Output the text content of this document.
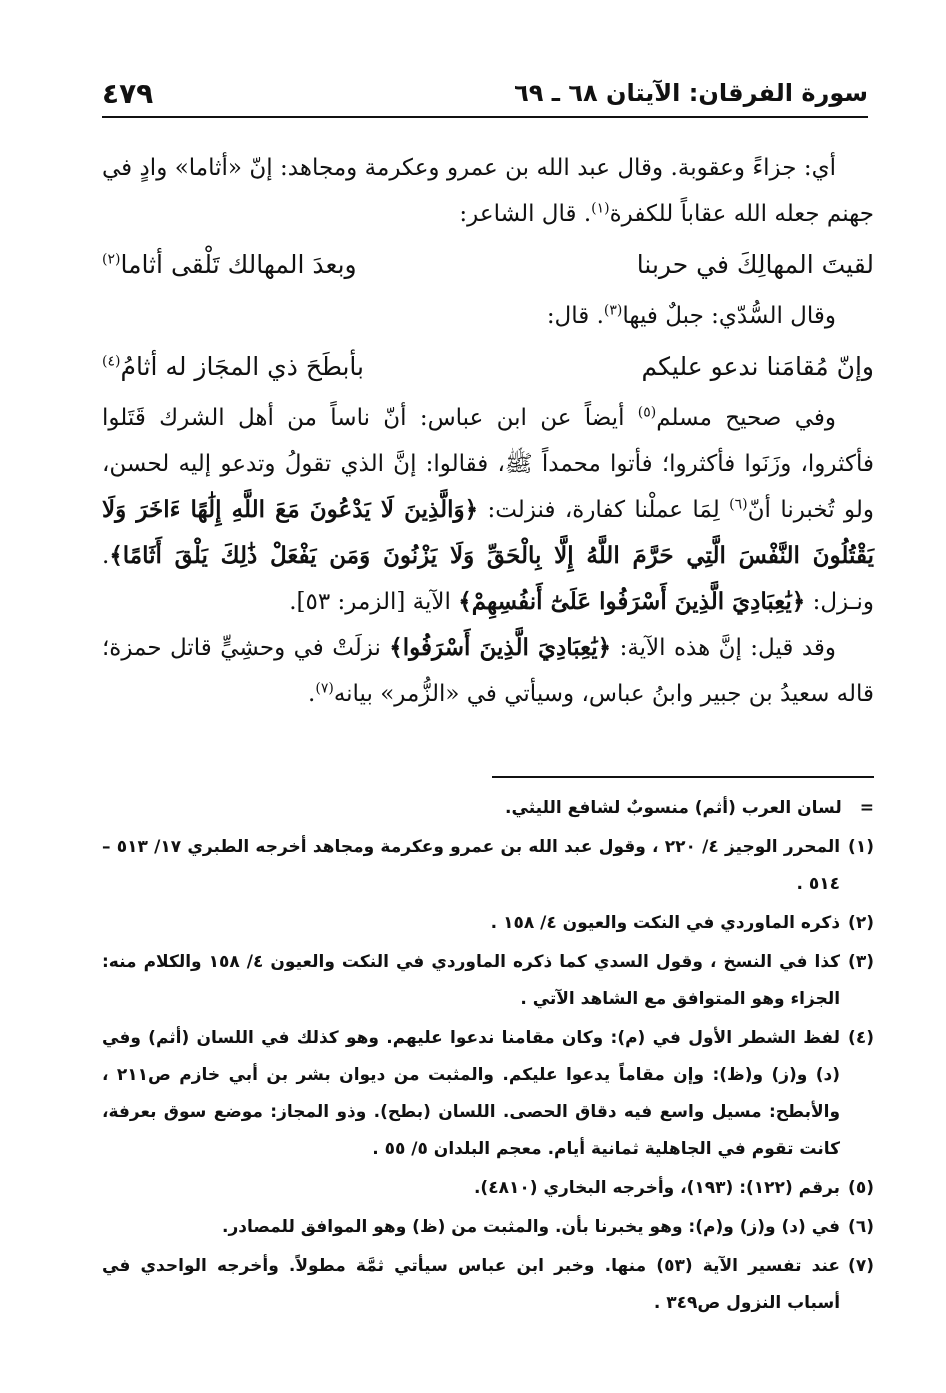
سورة الفرقان: الآيتان ٦٨ ـ ٦٩
٤٧٩

أي: جزاءً وعقوبة. وقال عبد الله بن عمرو وعكرمة ومجاهد: إنّ «أثاما» وادٍ في جهنم جعله الله عقاباً للكفرة$^{(١)}$. قال الشاعر:

لقيتَ المهالِكَ في حربنا
وبعدَ المهالك تَلْقى أثاما$^{(٢)}$

وقال السُّدّي: جبلٌ فيها$^{(٣)}$. قال:

وإنّ مُقامَنا ندعو عليكم
بأبطَحَ ذي المجَاز له أثامُ$^{(٤)}$

وفي صحيح مسلم$^{(٥)}$ أيضاً عن ابن عباس: أنّ ناساً من أهل الشرك قَتَلوا فأكثروا، وزَنَوا فأكثروا؛ فأتوا محمداً ﷺ، فقالوا: إنَّ الذي تقولُ وتدعو إليه لحسن، ولو تُخبرنا أنّ$^{(٦)}$ لِمَا عملْنا كفارة، فنزلت: ﴿وَالَّذِينَ لَا يَدْعُونَ مَعَ اللَّهِ إِلَٰهًا ءَاخَرَ وَلَا يَقْتُلُونَ النَّفْسَ الَّتِي حَرَّمَ اللَّهُ إِلَّا بِالْحَقِّ وَلَا يَزْنُونَ وَمَن يَفْعَلْ ذَٰلِكَ يَلْقَ أَثَامًا﴾. ونـزل: ﴿يَٰعِبَادِيَ الَّذِينَ أَسْرَفُوا عَلَىٰٓ أَنفُسِهِمْ﴾ الآية [الزمر: ٥٣].

وقد قيل: إنَّ هذه الآية: ﴿يَٰعِبَادِيَ الَّذِينَ أَسْرَفُوا﴾ نزلَتْ في وحشِيٍّ قاتل حمزة؛ قاله سعيدُ بن جبير وابنُ عباس، وسيأتي في «الزُّمر» بيانه$^{(٧)}$.

=
لسان العرب (أثم) منسوبٌ لشافع الليثي.
(١)
المحرر الوجيز ٤/ ٢٢٠ ، وقول عبد الله بن عمرو وعكرمة ومجاهد أخرجه الطبري ١٧/ ٥١٣ – ٥١٤ .
(٢)
ذكره الماوردي في النكت والعيون ٤/ ١٥٨ .
(٣)
كذا في النسخ ، وقول السدي كما ذكره الماوردي في النكت والعيون ٤/ ١٥٨ والكلام منه: الجزاء وهو المتوافق مع الشاهد الآتي .
(٤)
لفظ الشطر الأول في (م): وكان مقامنا ندعوا عليهم. وهو كذلك في اللسان (أثم) وفي (د) و(ز) و(ظ): وإن مقاماً يدعوا عليكم. والمثبت من ديوان بشر بن أبي خازم ص٢١١ ، والأبطح: مسيل واسع فيه دقاق الحصى. اللسان (بطح). وذو المجاز: موضع سوق بعرفة، كانت تقوم في الجاهلية ثمانية أيام. معجم البلدان ٥/ ٥٥ .
(٥)
برقم (١٢٢): (١٩٣)، وأخرجه البخاري (٤٨١٠).
(٦)
في (د) و(ز) و(م): وهو يخبرنا بأن. والمثبت من (ظ) وهو الموافق للمصادر.
(٧)
عند تفسير الآية (٥٣) منها. وخبر ابن عباس سيأتي ثمَّة مطولاً. وأخرجه الواحدي في أسباب النزول ص٣٤٩ .
